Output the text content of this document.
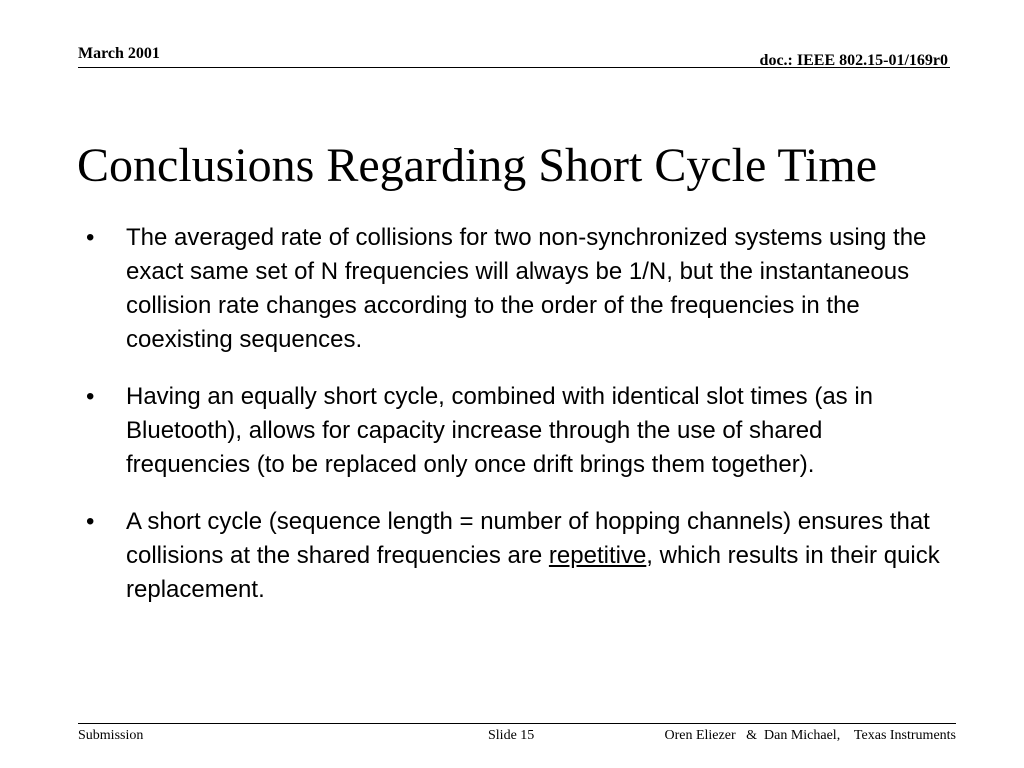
March 2001	doc.: IEEE 802.15-01/169r0
Conclusions Regarding Short Cycle Time
• The averaged rate of collisions for two non-synchronized systems using the exact same set of N frequencies will always be 1/N, but the instantaneous collision rate changes according to the order of the frequencies in the coexisting sequences.
• Having an equally short cycle, combined with identical slot times (as in Bluetooth), allows for capacity increase through the use of shared frequencies (to be replaced only once drift brings them together).
• A short cycle (sequence length = number of hopping channels) ensures that collisions at the shared frequencies are repetitive, which results in their quick replacement.
Submission	Slide 15	Oren Eliezer   &  Dan Michael,    Texas Instruments
